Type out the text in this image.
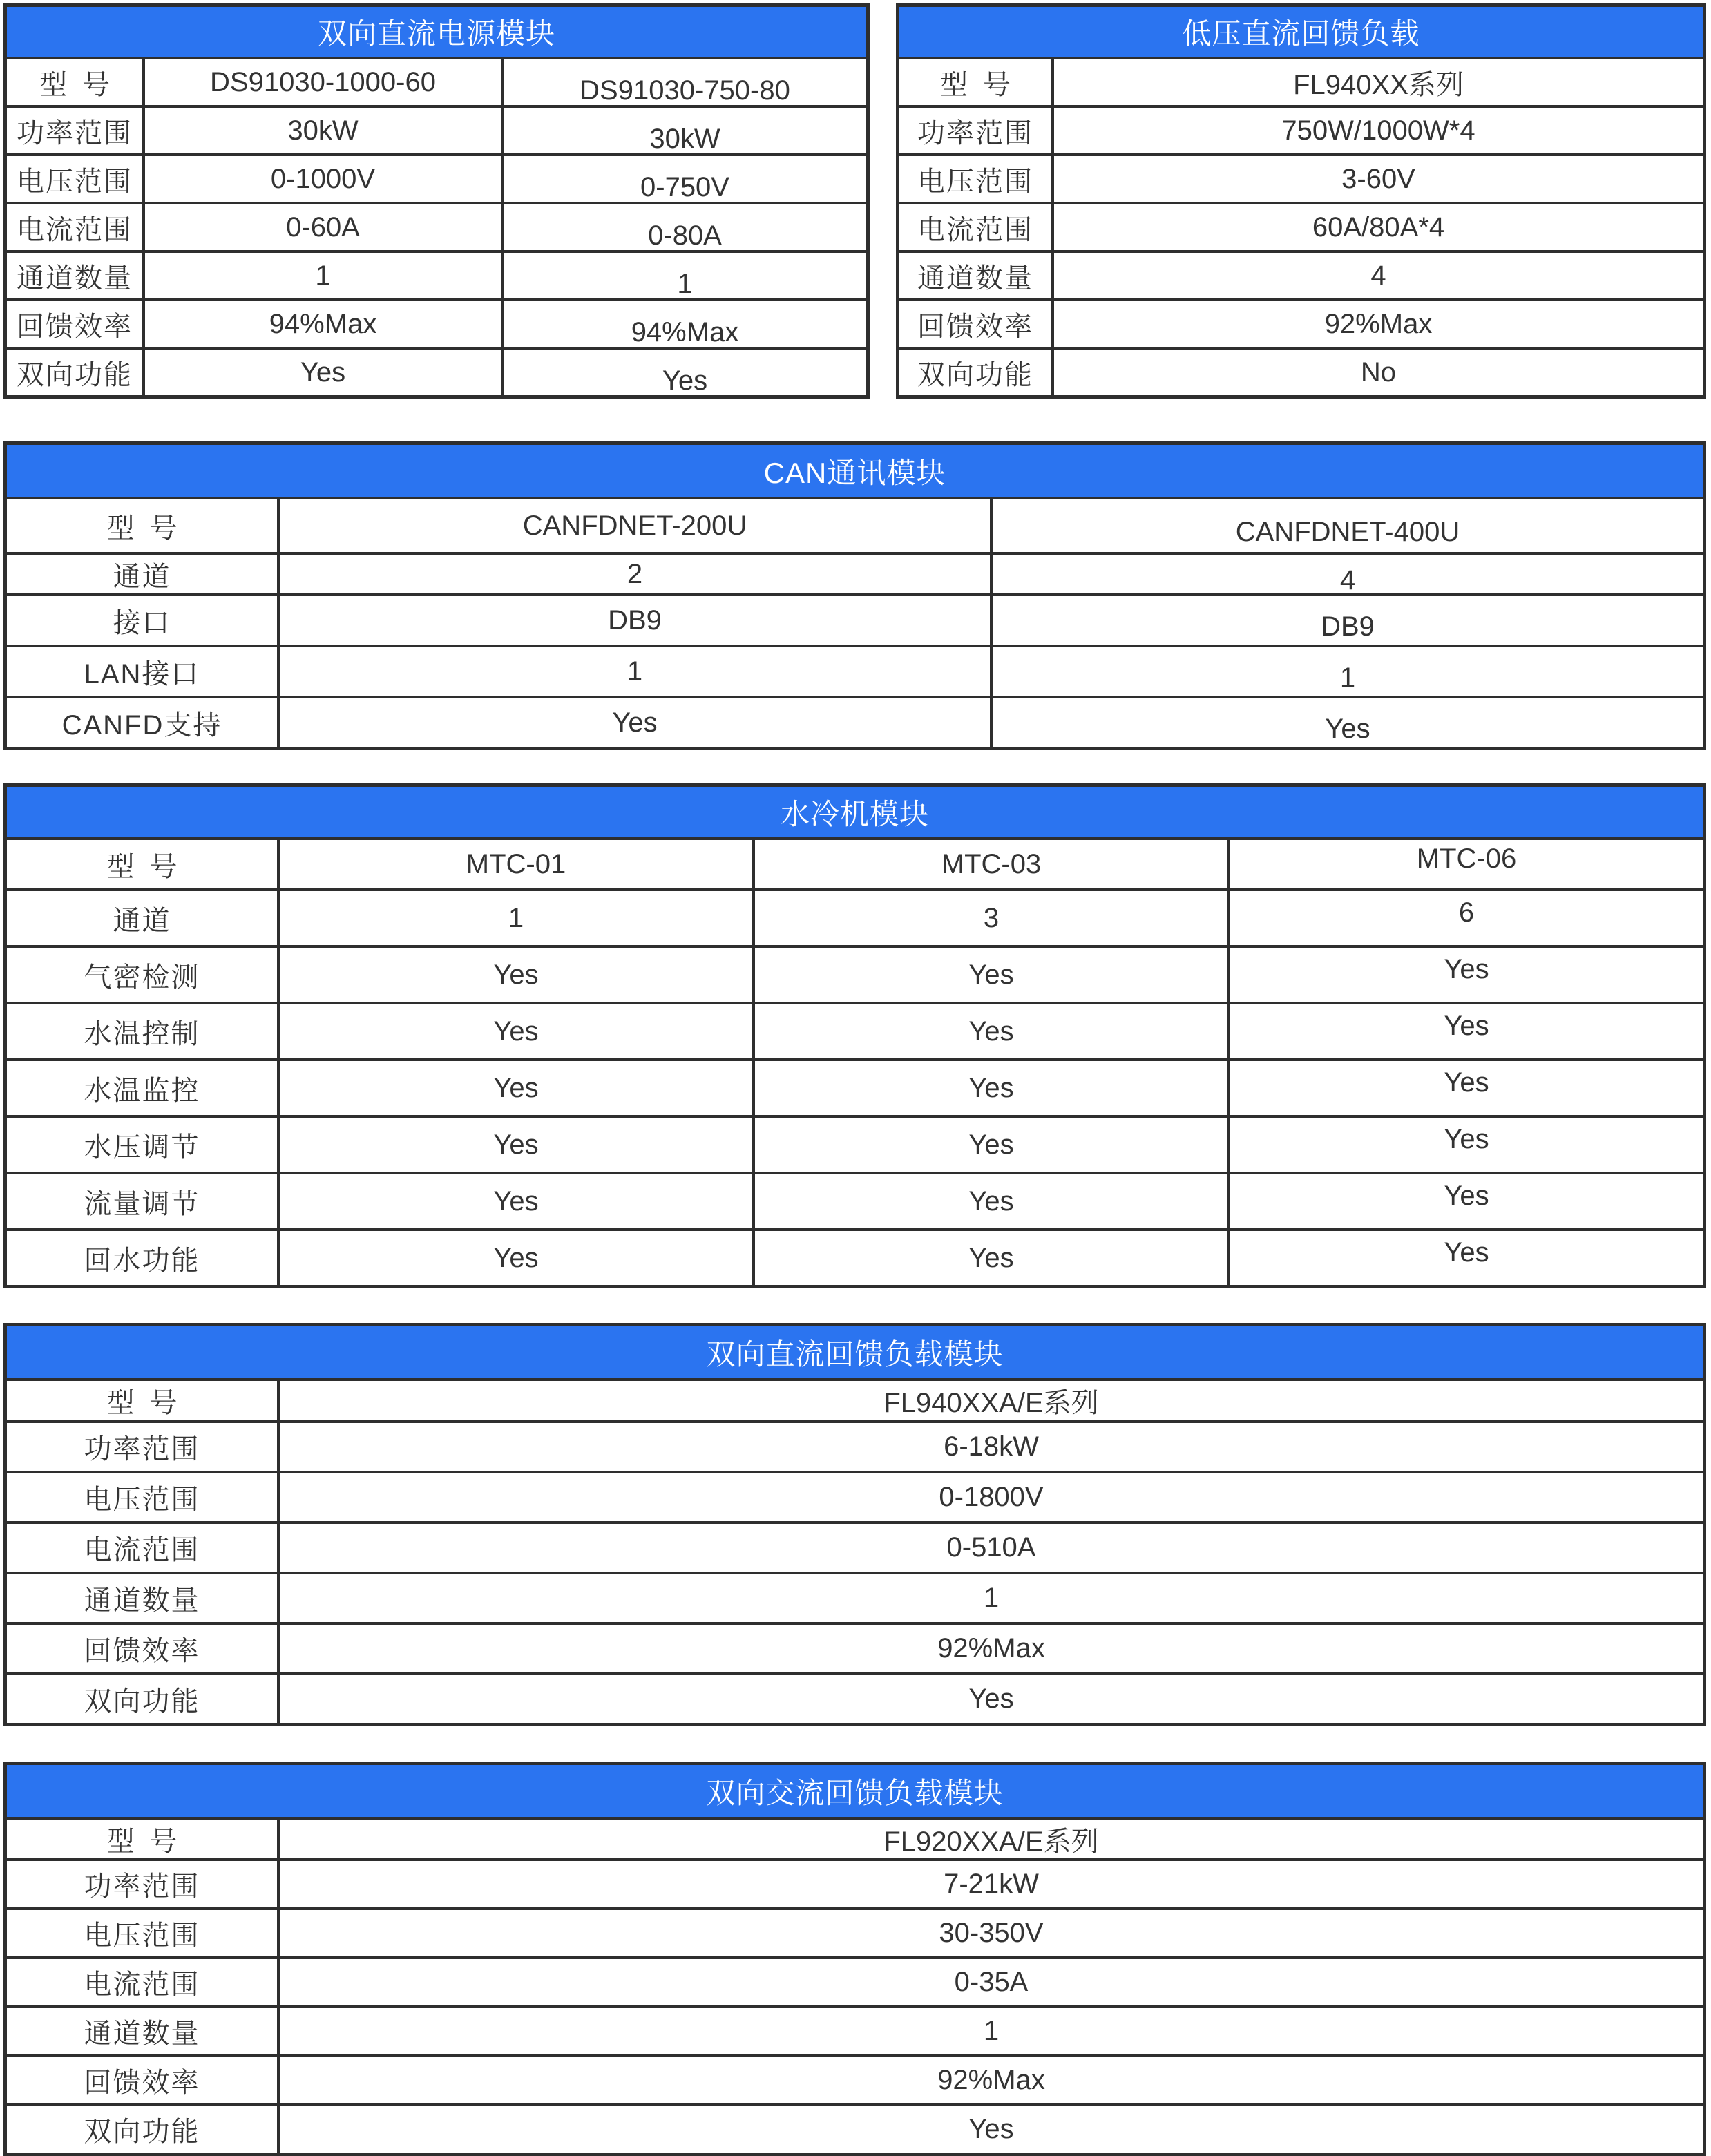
双向直流电源模块
型号	DS91030-1000-60	DS91030-750-80
功率范围	30kW	30kW
电压范围	0-1000V	0-750V
电流范围	0-60A	0-80A
通道数量	1	1
回馈效率	94%Max	94%Max
双向功能	Yes	Yes
低压直流回馈负载
型号	FL940XX系列
功率范围	750W/1000W*4
电压范围	3-60V
电流范围	60A/80A*4
通道数量	4
回馈效率	92%Max
双向功能	No
CAN通讯模块
型号	CANFDNET-200U	CANFDNET-400U
通道	2	4
接口	DB9	DB9
LAN接口	1	1
CANFD支持	Yes	Yes
水冷机模块
型号	MTC-01	MTC-03	MTC-06
通道	1	3	6
气密检测	Yes	Yes	Yes
水温控制	Yes	Yes	Yes
水温监控	Yes	Yes	Yes
水压调节	Yes	Yes	Yes
流量调节	Yes	Yes	Yes
回水功能	Yes	Yes	Yes
双向直流回馈负载模块
型号	FL940XXA/E系列
功率范围	6-18kW
电压范围	0-1800V
电流范围	0-510A
通道数量	1
回馈效率	92%Max
双向功能	Yes
双向交流回馈负载模块
型号	FL920XXA/E系列
功率范围	7-21kW
电压范围	30-350V
电流范围	0-35A
通道数量	1
回馈效率	92%Max
双向功能	Yes
